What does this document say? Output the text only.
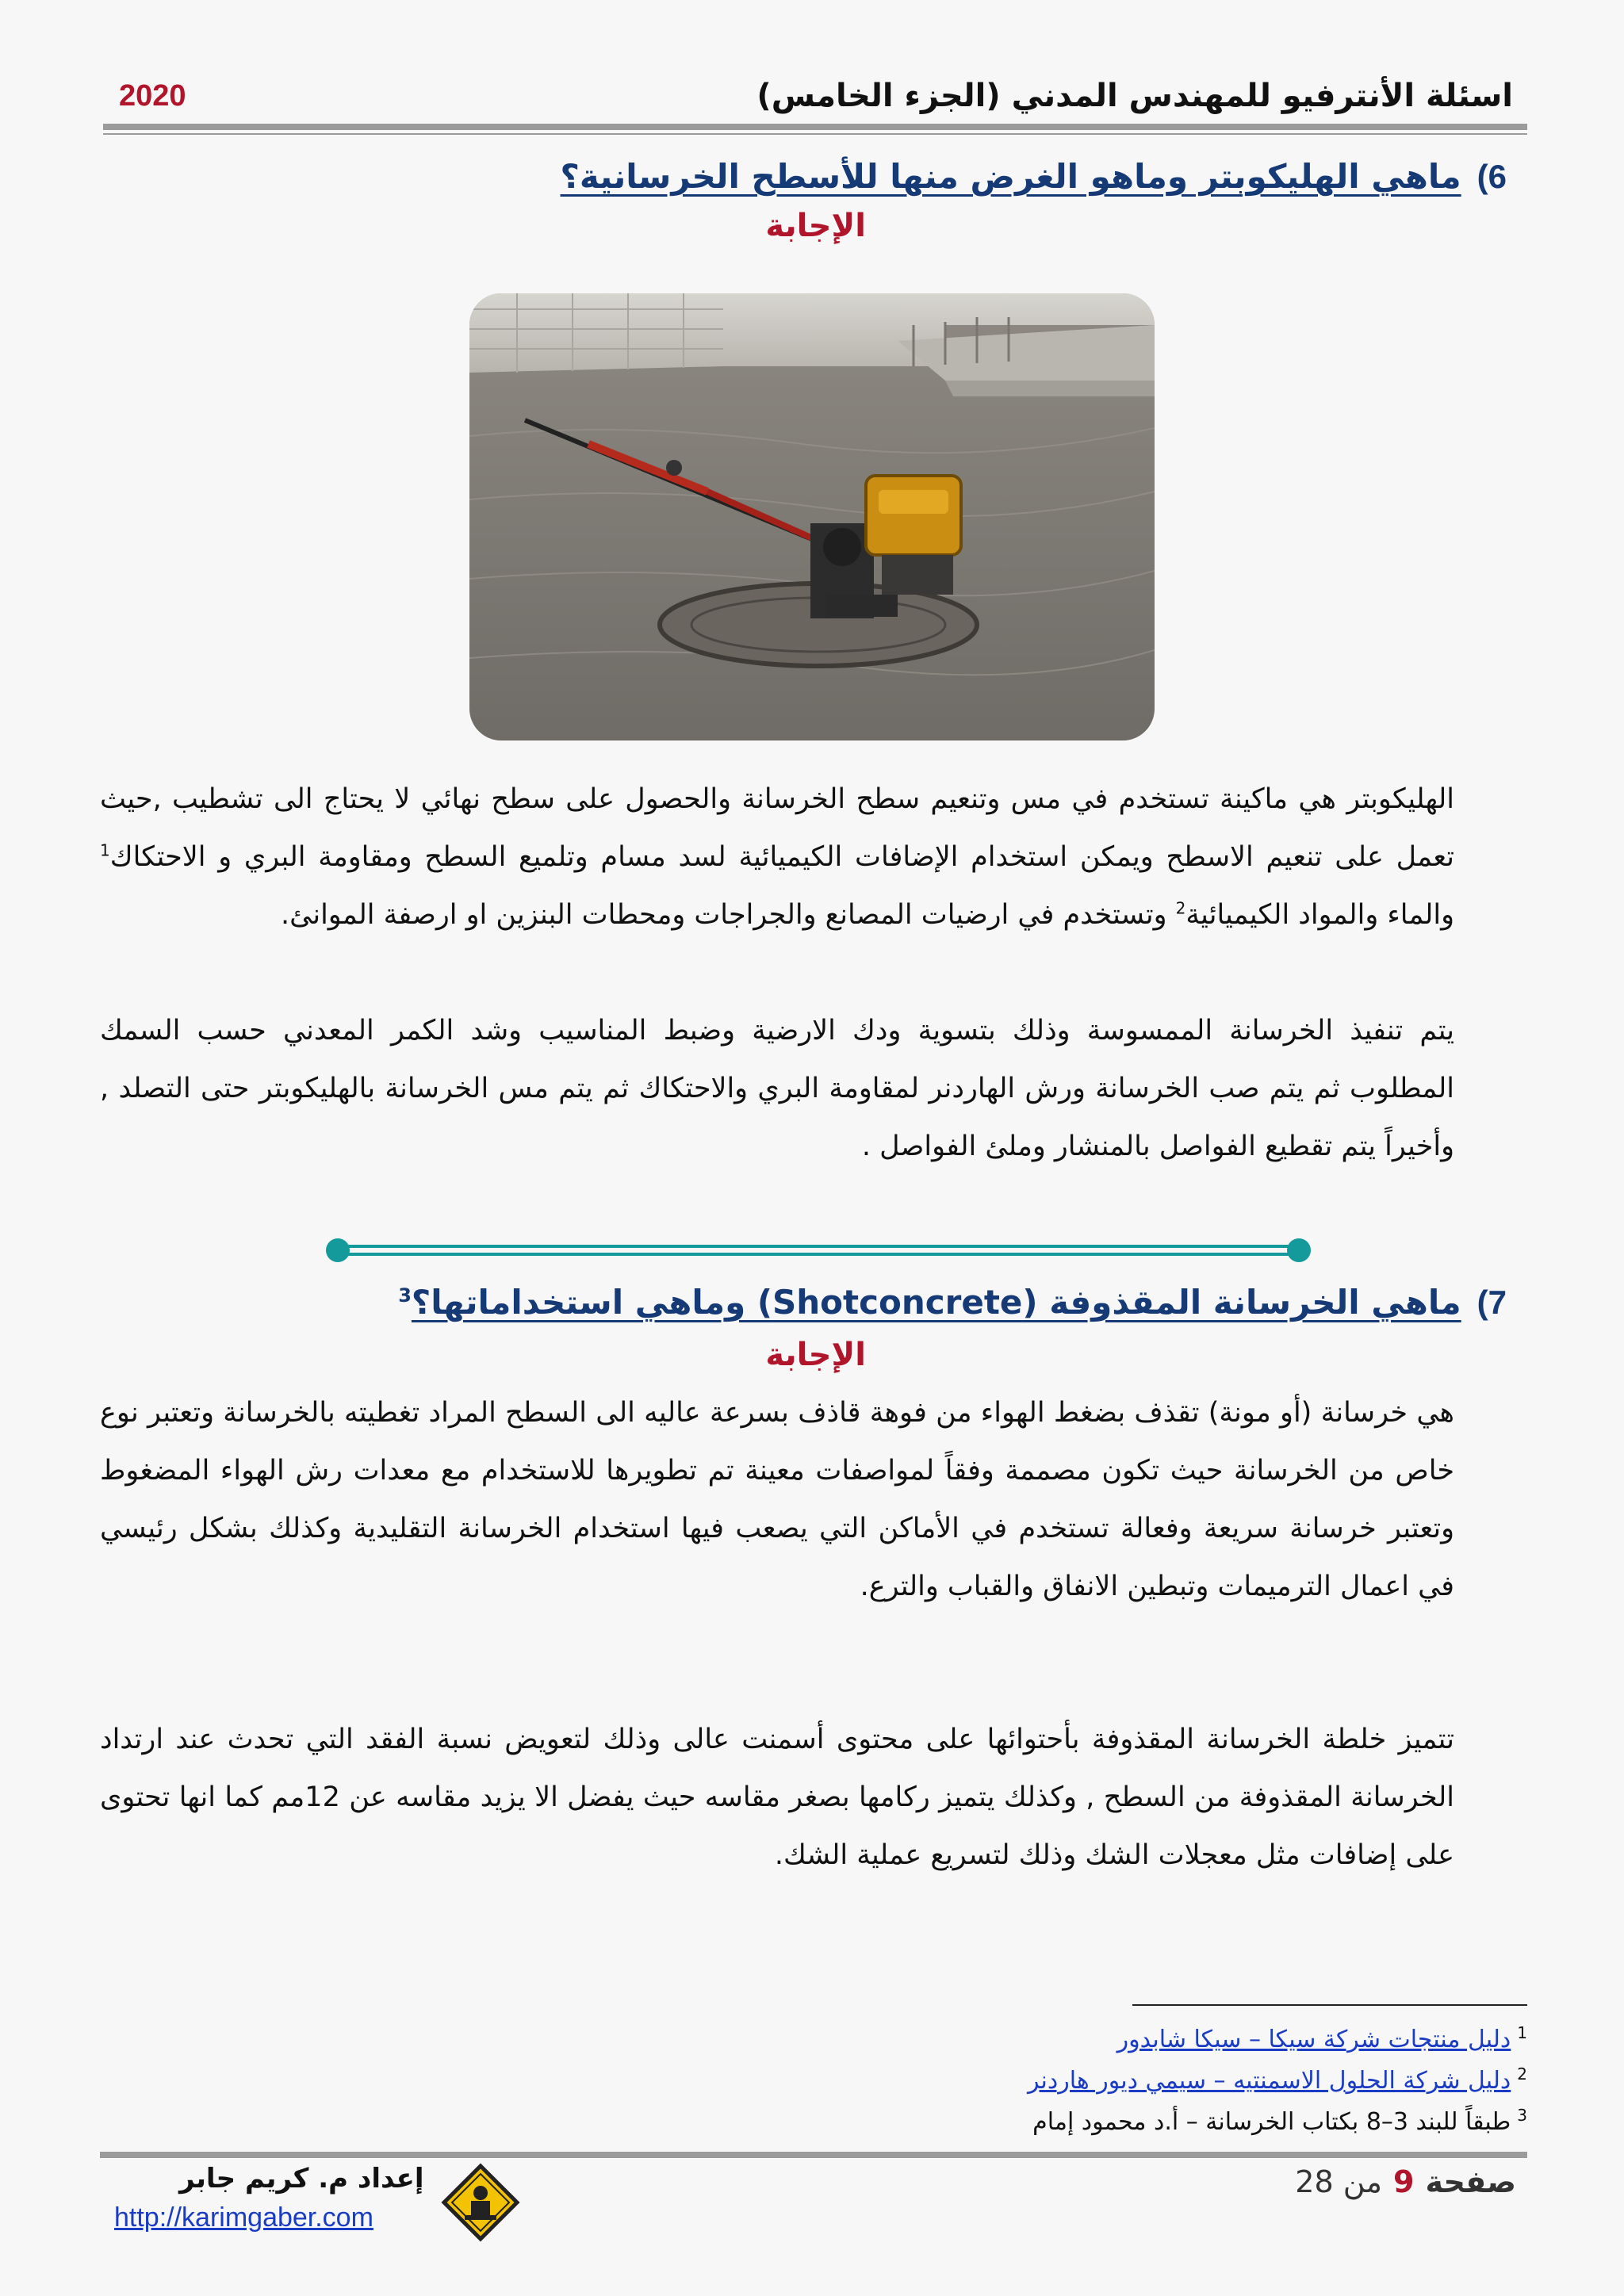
اسئلة الأنترفيو للمهندس المدني (الجزء الخامس)
2020
6)ماهي الهليكوبتر وماهو الغرض منها للأسطح الخرسانية؟
الإجابة
الهليكوبتر هي ماكينة تستخدم في مس وتنعيم سطح الخرسانة والحصول على سطح نهائي لا يحتاج الى تشطيب ,حيث تعمل على تنعيم الاسطح ويمكن استخدام الإضافات الكيميائية لسد مسام وتلميع السطح ومقاومة البري و الاحتكاك$^1$ والماء والمواد الكيميائية$^2$ وتستخدم في ارضيات المصانع والجراجات ومحطات البنزين او ارصفة الموانئ.
يتم تنفيذ الخرسانة الممسوسة وذلك بتسوية ودك الارضية وضبط المناسيب وشد الكمر المعدني حسب السمك المطلوب ثم يتم صب الخرسانة ورش الهاردنر لمقاومة البري والاحتكاك ثم يتم مس الخرسانة بالهليكوبتر حتى التصلد , وأخيراً يتم تقطيع الفواصل بالمنشار وملئ الفواصل .
7)ماهي الخرسانة المقذوفة (Shotconcrete) وماهي استخداماتها؟$^3$
الإجابة
هي خرسانة (أو مونة) تقذف بضغط الهواء من فوهة قاذف بسرعة عاليه الى السطح المراد تغطيته بالخرسانة وتعتبر نوع خاص من الخرسانة حيث تكون مصممة وفقاً لمواصفات معينة تم تطويرها للاستخدام مع معدات رش الهواء المضغوط وتعتبر خرسانة سريعة وفعالة تستخدم في الأماكن التي يصعب فيها استخدام الخرسانة التقليدية وكذلك بشكل رئيسي في اعمال الترميمات وتبطين الانفاق والقباب والترع.
تتميز خلطة الخرسانة المقذوفة بأحتوائها على محتوى أسمنت عالى وذلك لتعويض نسبة الفقد التي تحدث عند ارتداد الخرسانة المقذوفة من السطح , وكذلك يتميز ركامها بصغر مقاسه حيث يفضل الا يزيد مقاسه عن 12مم كما انها تحتوى على إضافات مثل معجلات الشك وذلك لتسريع عملية الشك.
$^1$دليل منتجات شركة سيكا – سيكا شابدور
$^2$دليل شركة الحلول الاسمنتيه – سيمي ديور هاردنر
$^3$طبقاً للبند 3–8 بكتاب الخرسانة – أ.د محمود إمام
إعداد م. كريم جابر
http://karimgaber.com
صفحة9من 28
